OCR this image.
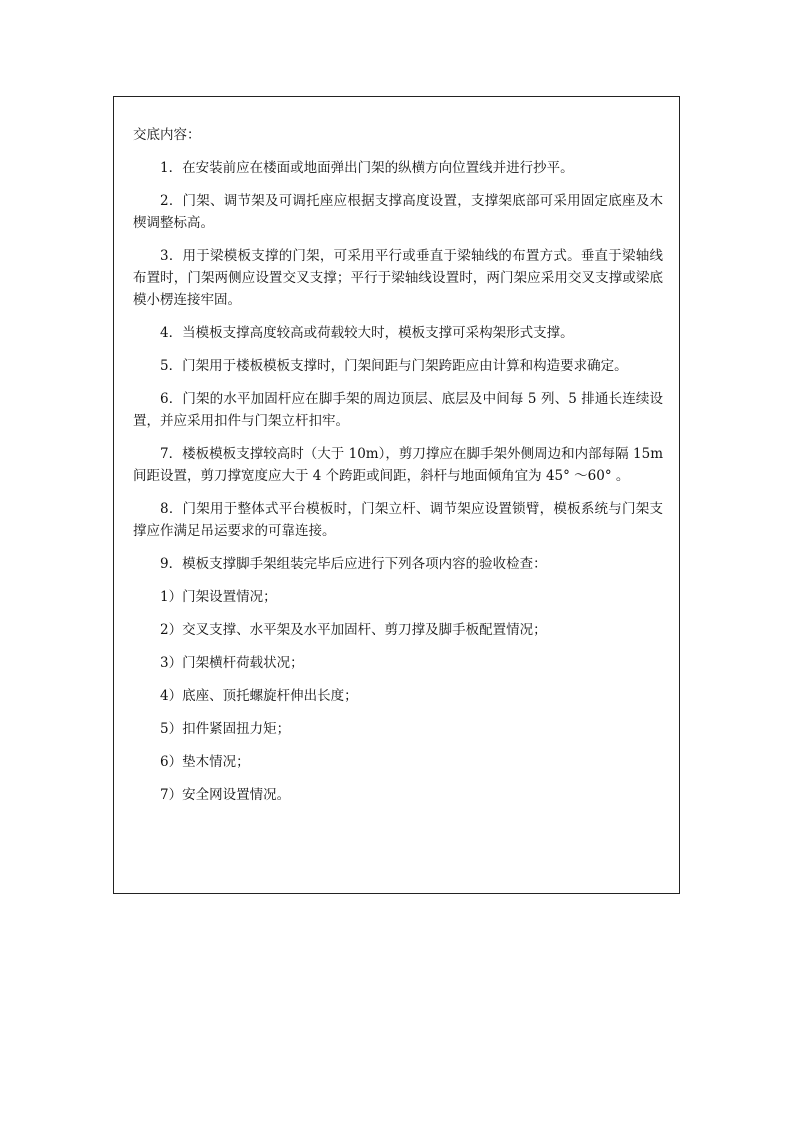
交底内容：

1．在安装前应在楼面或地面弹出门架的纵横方向位置线并进行抄平。

2．门架、调节架及可调托座应根据支撑高度设置，支撑架底部可采用固定底座及木楔调整标高。

3．用于梁模板支撑的门架，可采用平行或垂直于梁轴线的布置方式。垂直于梁轴线布置时，门架两侧应设置交叉支撑；平行于梁轴线设置时，两门架应采用交叉支撑或梁底模小楞连接牢固。

4．当模板支撑高度较高或荷载较大时，模板支撑可采构架形式支撑。

5．门架用于楼板模板支撑时，门架间距与门架跨距应由计算和构造要求确定。

6．门架的水平加固杆应在脚手架的周边顶层、底层及中间每 5 列、5 排通长连续设置，并应采用扣件与门架立杆扣牢。

7．楼板模板支撑较高时（大于 10m），剪刀撑应在脚手架外侧周边和内部每隔 15m 间距设置，剪刀撑宽度应大于 4 个跨距或间距，斜杆与地面倾角宜为 45° ～60° 。

8．门架用于整体式平台模板时，门架立杆、调节架应设置锁臂，模板系统与门架支撑应作满足吊运要求的可靠连接。

9．模板支撑脚手架组装完毕后应进行下列各项内容的验收检查：

1）门架设置情况；

2）交叉支撑、水平架及水平加固杆、剪刀撑及脚手板配置情况；

3）门架横杆荷载状况；

4）底座、顶托螺旋杆伸出长度；

5）扣件紧固扭力矩；

6）垫木情况；

7）安全网设置情况。
